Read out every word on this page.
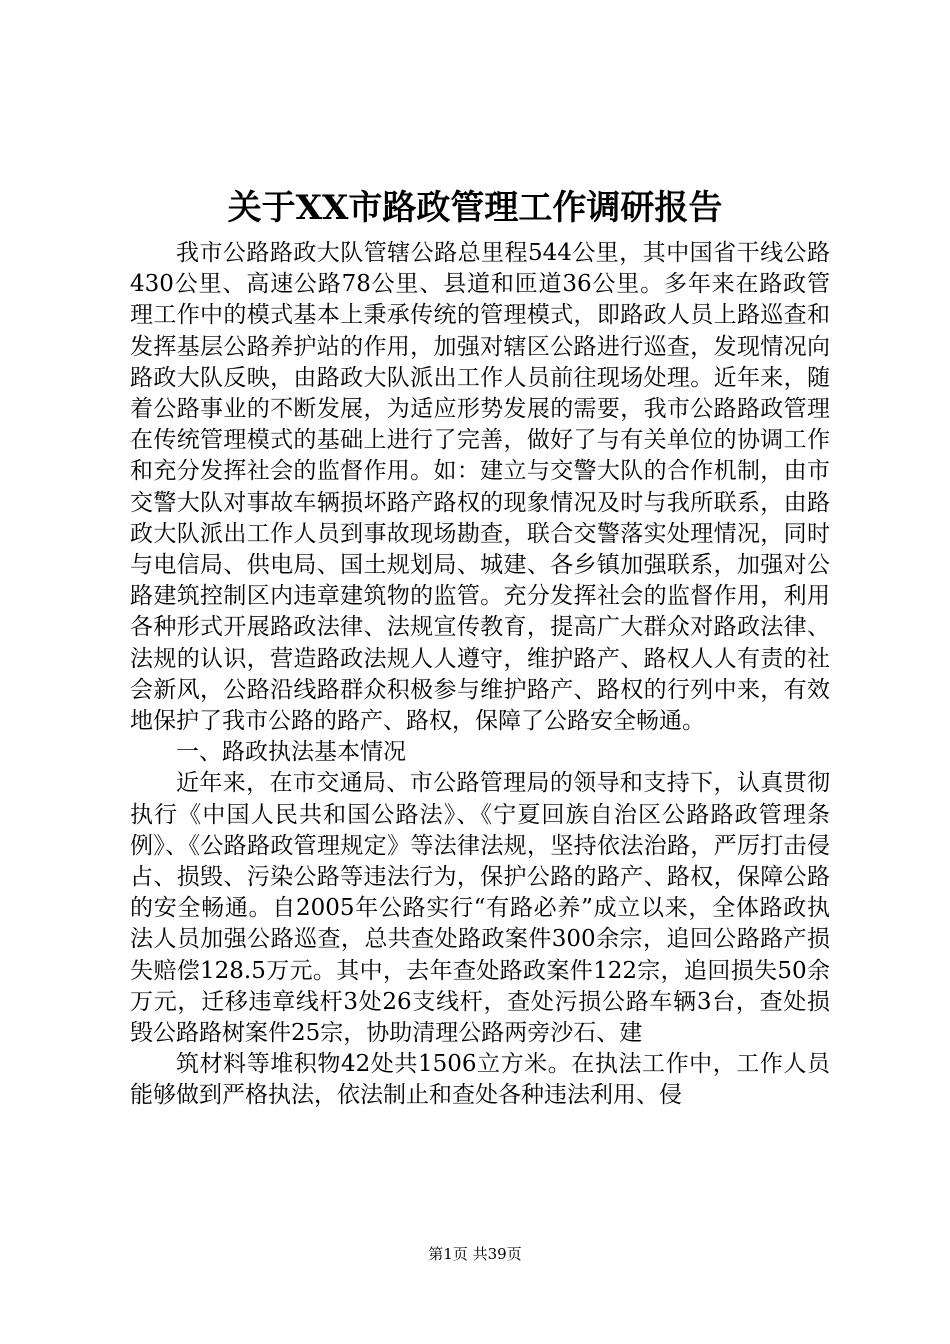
关于XX市路政管理工作调研报告

我市公路路政大队管辖公路总里程544公里，其中国省干线公路430公里、高速公路78公里、县道和匝道36公里。多年来在路政管理工作中的模式基本上秉承传统的管理模式，即路政人员上路巡查和发挥基层公路养护站的作用，加强对辖区公路进行巡查，发现情况向路政大队反映，由路政大队派出工作人员前往现场处理。近年来，随着公路事业的不断发展，为适应形势发展的需要，我市公路路政管理在传统管理模式的基础上进行了完善，做好了与有关单位的协调工作和充分发挥社会的监督作用。如：建立与交警大队的合作机制，由市交警大队对事故车辆损坏路产路权的现象情况及时与我所联系，由路政大队派出工作人员到事故现场勘查，联合交警落实处理情况，同时与电信局、供电局、国土规划局、城建、各乡镇加强联系，加强对公路建筑控制区内违章建筑物的监管。充分发挥社会的监督作用，利用各种形式开展路政法律、法规宣传教育，提高广大群众对路政法律、法规的认识，营造路政法规人人遵守，维护路产、路权人人有责的社会新风，公路沿线路群众积极参与维护路产、路权的行列中来，有效地保护了我市公路的路产、路权，保障了公路安全畅通。

一、路政执法基本情况

近年来，在市交通局、市公路管理局的领导和支持下，认真贯彻执行《中国人民共和国公路法》、《宁夏回族自治区公路路政管理条例》、《公路路政管理规定》等法律法规，坚持依法治路，严厉打击侵占、损毁、污染公路等违法行为，保护公路的路产、路权，保障公路的安全畅通。自2005年公路实行“有路必养”成立以来，全体路政执法人员加强公路巡查，总共查处路政案件300余宗，追回公路路产损失赔偿128.5万元。其中，去年查处路政案件122宗，追回损失50余万元，迁移违章线杆3处26支线杆，查处污损公路车辆3台，查处损毁公路路树案件25宗，协助清理公路两旁沙石、建

筑材料等堆积物42处共1506立方米。在执法工作中，工作人员能够做到严格执法，依法制止和查处各种违法利用、侵

第1页 共39页
